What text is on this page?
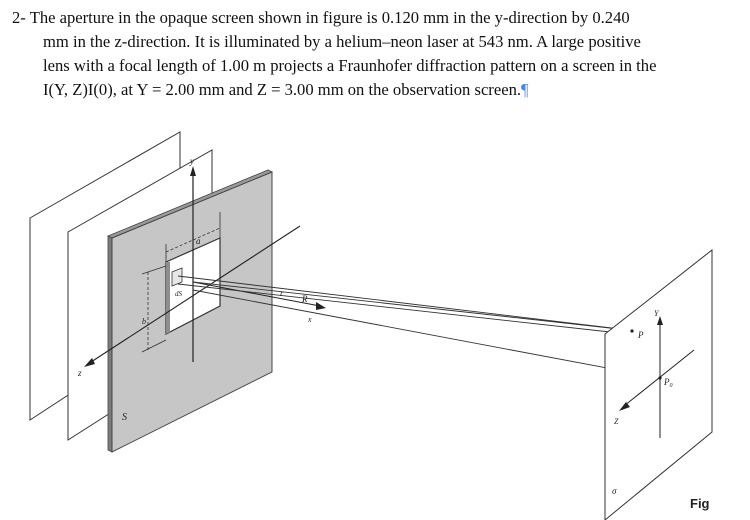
2- The aperture in the opaque screen shown in figure is 0.120 mm in the y-direction by 0.240

mm in the z-direction. It is illuminated by a helium–neon laser at 543 nm. A large positive

lens with a focal length of 1.00 m projects a Fraunhofer diffraction pattern on a screen in the

I(Y, Z)I(0), at Y = 2.00 mm and Z = 3.00 mm on the observation screen.¶

y
z
a
b
dS
S
x
r
R
Y
Z
P
$P_0$
σ
Fig
